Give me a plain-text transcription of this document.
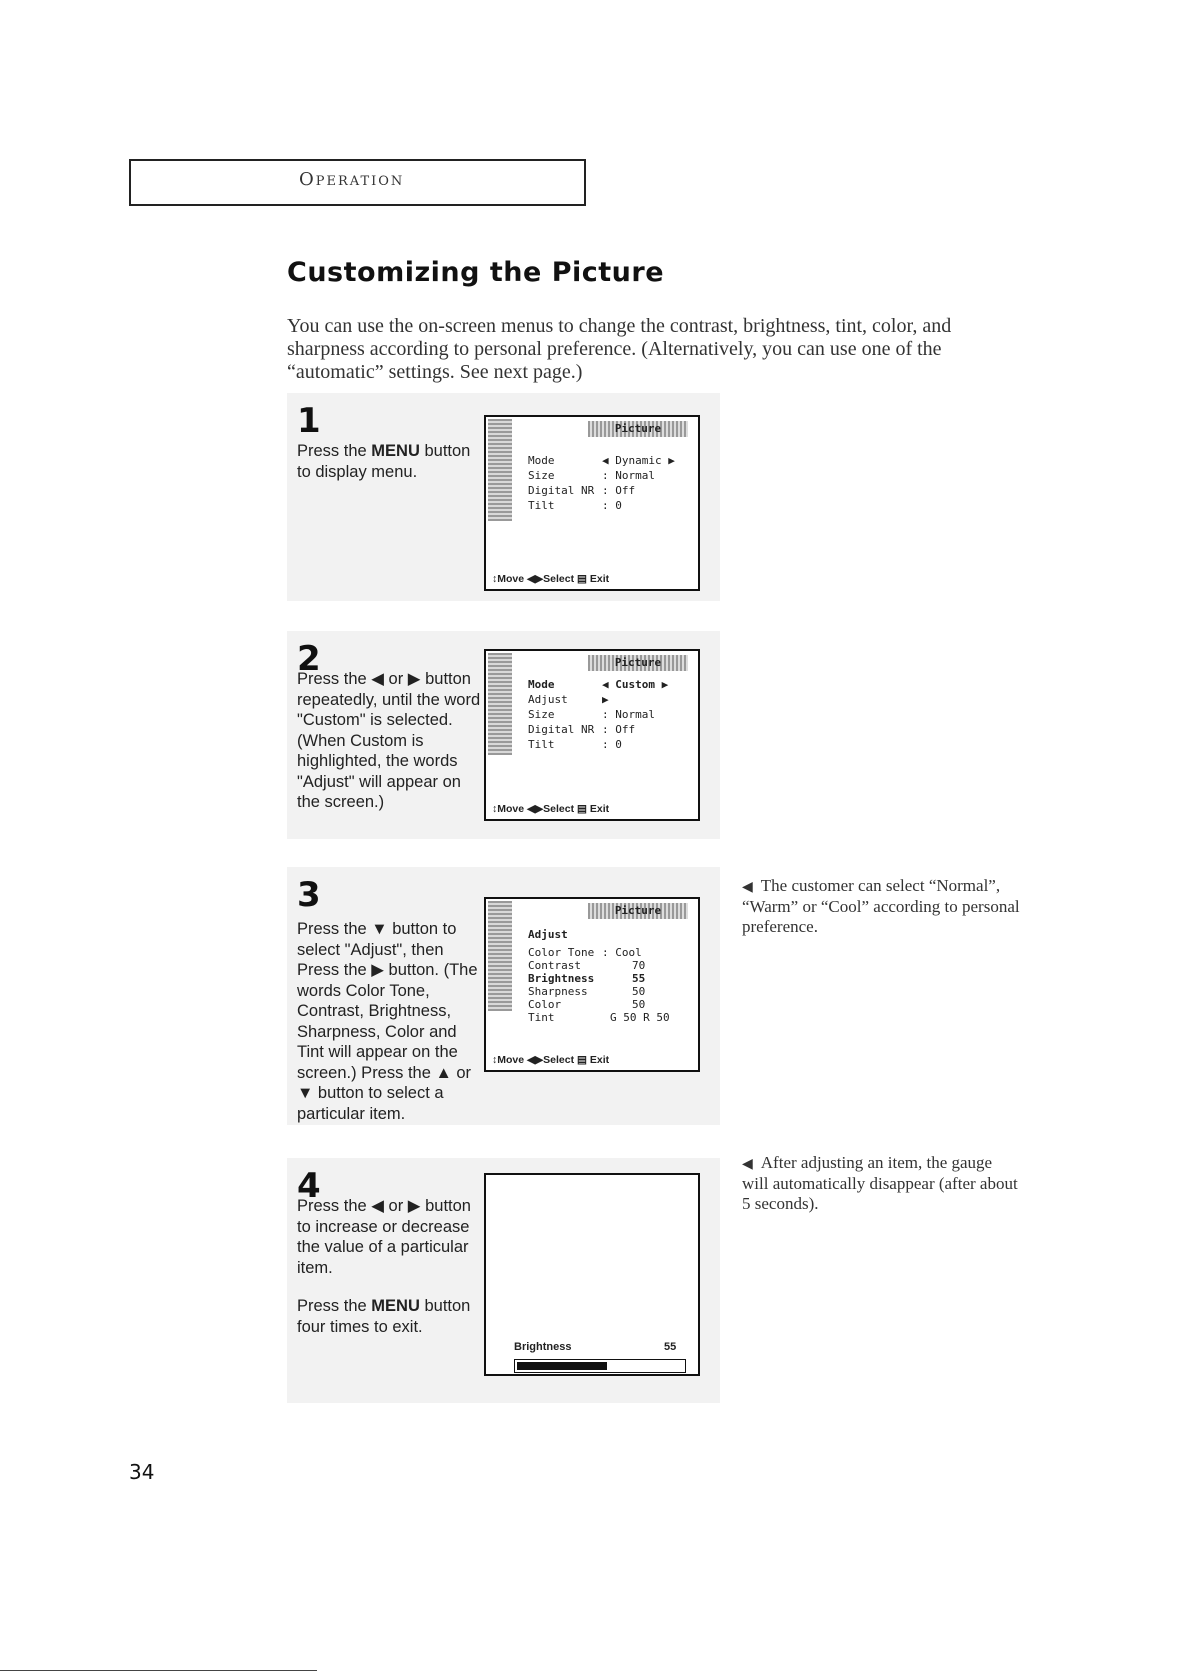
Operation
Customizing the Picture

You can use the on-screen menus to change the contrast, brightness, tint, color, and sharpness according to personal preference. (Alternatively, you can use one of the “automatic” settings. See next page.)

1
Press the MENU button to display menu.
Picture
Mode	◀ Dynamic ▶
Size	: Normal
Digital NR : Off
Tilt	: 0
↕Move ◀▶Select ▤ Exit
2
Press the ◀ or ▶ button repeatedly, until the word "Custom" is selected. (When Custom is highlighted, the words "Adjust" will appear on the screen.)
Picture
Mode	◀ Custom ▶
Adjust	▶
Size	: Normal
Digital NR : Off
Tilt	: 0
↕Move ◀▶Select ▤ Exit
3
Press the ▼ button to select "Adjust", then Press the ▶ button. (The words Color Tone, Contrast, Brightness, Sharpness, Color and Tint will appear on the screen.) Press the ▲ or ▼ button to select a particular item.
Picture
Adjust
Color Tone : Cool
Contrast	70
Brightness	55
Sharpness	50
Color	50
Tint	G 50 R 50
↕Move ◀▶Select ▤ Exit
4

Press the ◀ or ▶ button to increase or decrease the value of a particular item.

Press the MENU button four times to exit.

Brightness	55
◀ The customer can select “Normal”, “Warm” or “Cool” according to personal preference.
◀ After adjusting an item, the gauge will automatically disappear (after about 5 seconds).
34
